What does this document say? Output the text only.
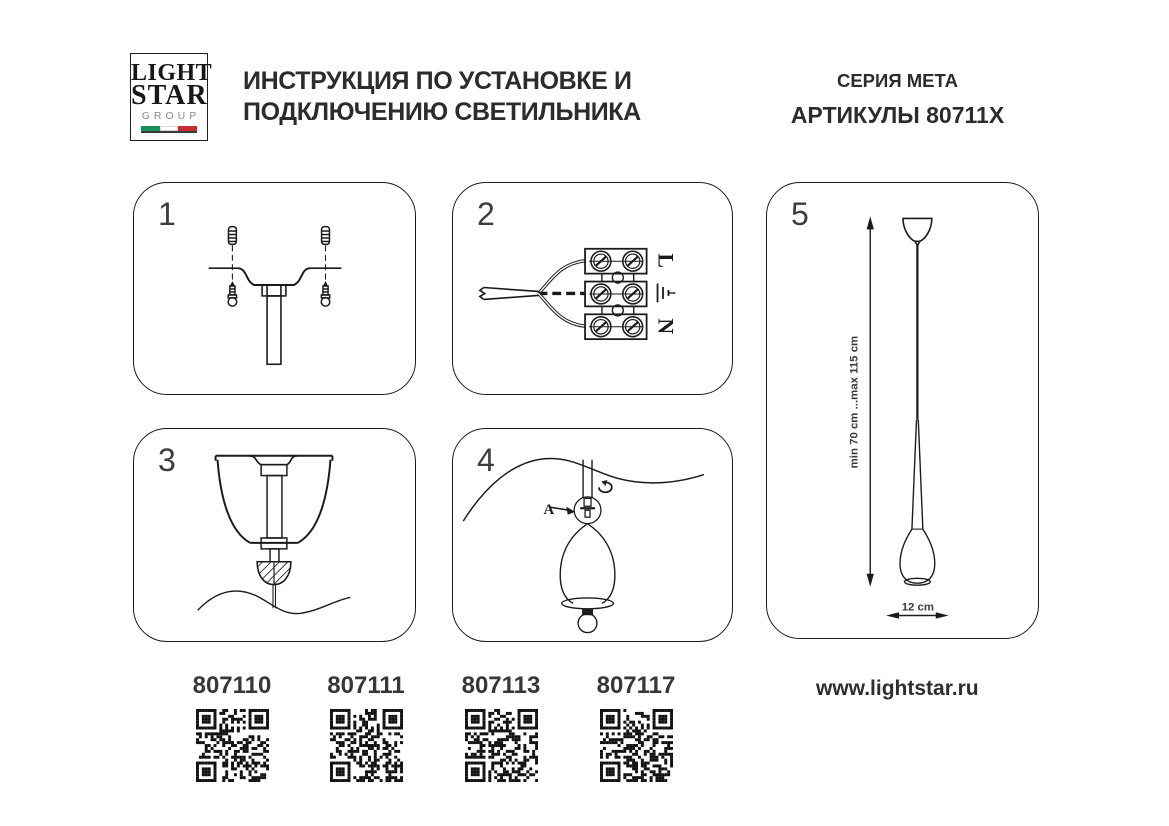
LIGHT
STAR
GROUP
ИНСТРУКЦИЯ ПО УСТАНОВКЕ И
ПОДКЛЮЧЕНИЮ СВЕТИЛЬНИКА
СЕРИЯ МЕТА
АРТИКУЛЫ 80711X
1	2
L
N
3	4
A
5
min 70 cm ...max 115 cm
12 cm
807110	807111	807113	807117	www.lightstar.ru
